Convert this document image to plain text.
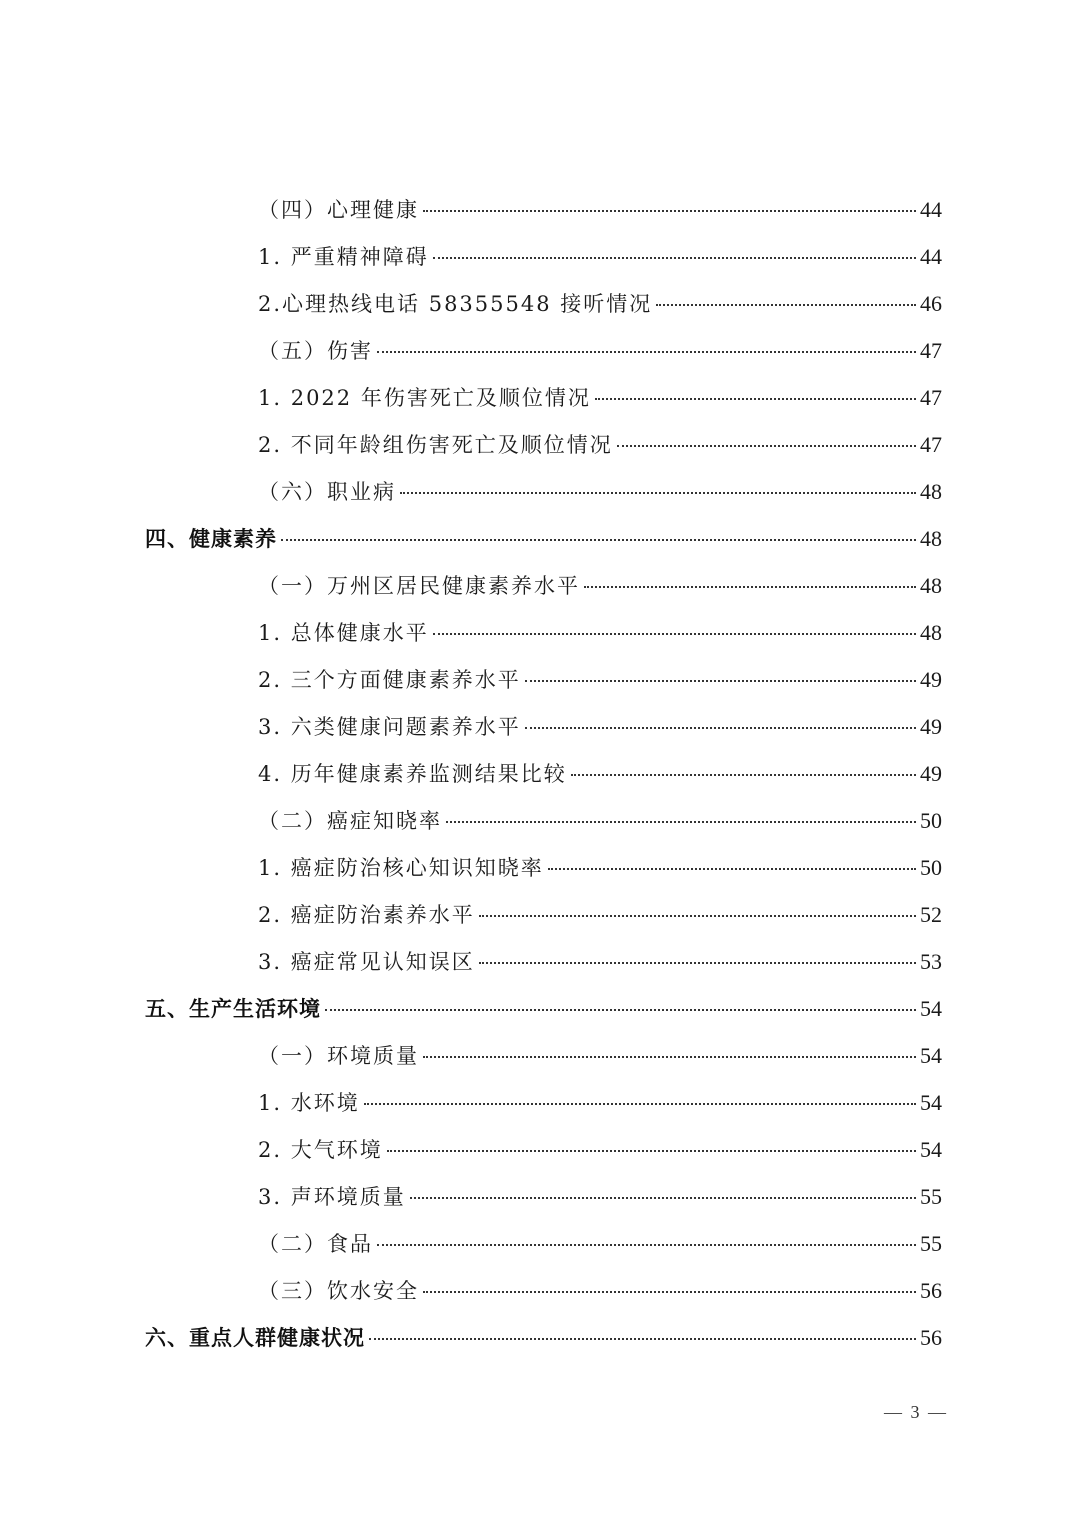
（四）心理健康	44
1. 严重精神障碍	44
2.心理热线电话 58355548 接听情况	46
（五）伤害	47
1. 2022 年伤害死亡及顺位情况	47
2. 不同年龄组伤害死亡及顺位情况	47
（六）职业病	48
四、健康素养	48
（一）万州区居民健康素养水平	48
1. 总体健康水平	48
2. 三个方面健康素养水平	49
3. 六类健康问题素养水平	49
4. 历年健康素养监测结果比较	49
（二）癌症知晓率	50
1. 癌症防治核心知识知晓率	50
2. 癌症防治素养水平	52
3. 癌症常见认知误区	53
五、生产生活环境	54
（一）环境质量	54
1. 水环境	54
2. 大气环境	54
3. 声环境质量	55
（二）食品	55
（三）饮水安全	56
六、重点人群健康状况	56
— 3 —
